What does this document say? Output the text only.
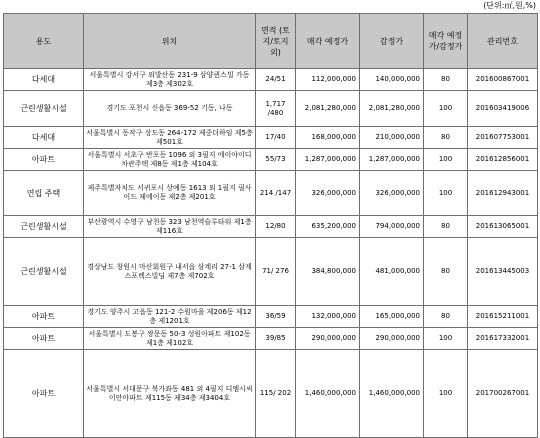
(단위:㎡,원,%)
용도	위치	면적 (토지/토지외)	매각 예정가	감정가	매각 예정가/감정가	관리번호
다세대	서울특별시 강서구 외발산동 231-9 삼양퀸스빌 가동 제3층 제302호	24/51	112,000,000	140,000,000	80	201600867001
근린생활시설	경기도 포천시 신읍동 369-52 기동, 나동	1,717 /480	2,081,280,000	2,081,280,000	100	201603419006
다세대	서울특별시 동작구 상도동 264-172 제중더하임 제5층 제501호	17/40	168,000,000	210,000,000	80	201607753001
아파트	서울특별시 서초구 반포동 1096 외 3필지 에이아이디차관주택 제8동 제1층 제104호	55/73	1,287,000,000	1,287,000,000	100	201612856001
연립 주택	제주특별자치도 서귀포시 상예동 1613 외 1필지 필사이드 제에이동 제2층 제201호	214 /147	326,000,000	326,000,000	100	201612943001
근린생활시설	부산광역시 수영구 남천동 323 남천역슬루타워 제1층 제116호	12/80	635,200,000	794,000,000	80	201613065001
근린생활시설	경상남도 창원시 마산회원구 내서읍 삼계리 27-1 삼계스포렉스빌딩 제7층 제702호	71/ 276	384,800,000	481,000,000	80	201613445003
아파트	경기도 양주시 고읍동 121-2 수원마을 제206동 제12층 제1201호	36/59	132,000,000	165,000,000	80	201615211001
아파트	서울특별시 도봉구 쌍문동 50-3 성원아파트 제102동 제1층 제102호	39/85	290,000,000	290,000,000	100	201617332001
아파트	서울특별시 서대문구 북가좌동 481 외 4필지 디엠시씨이안아파트 제115동 제34층 제3404호	115/ 202	1,460,000,000	1,460,000,000	100	201700267001
